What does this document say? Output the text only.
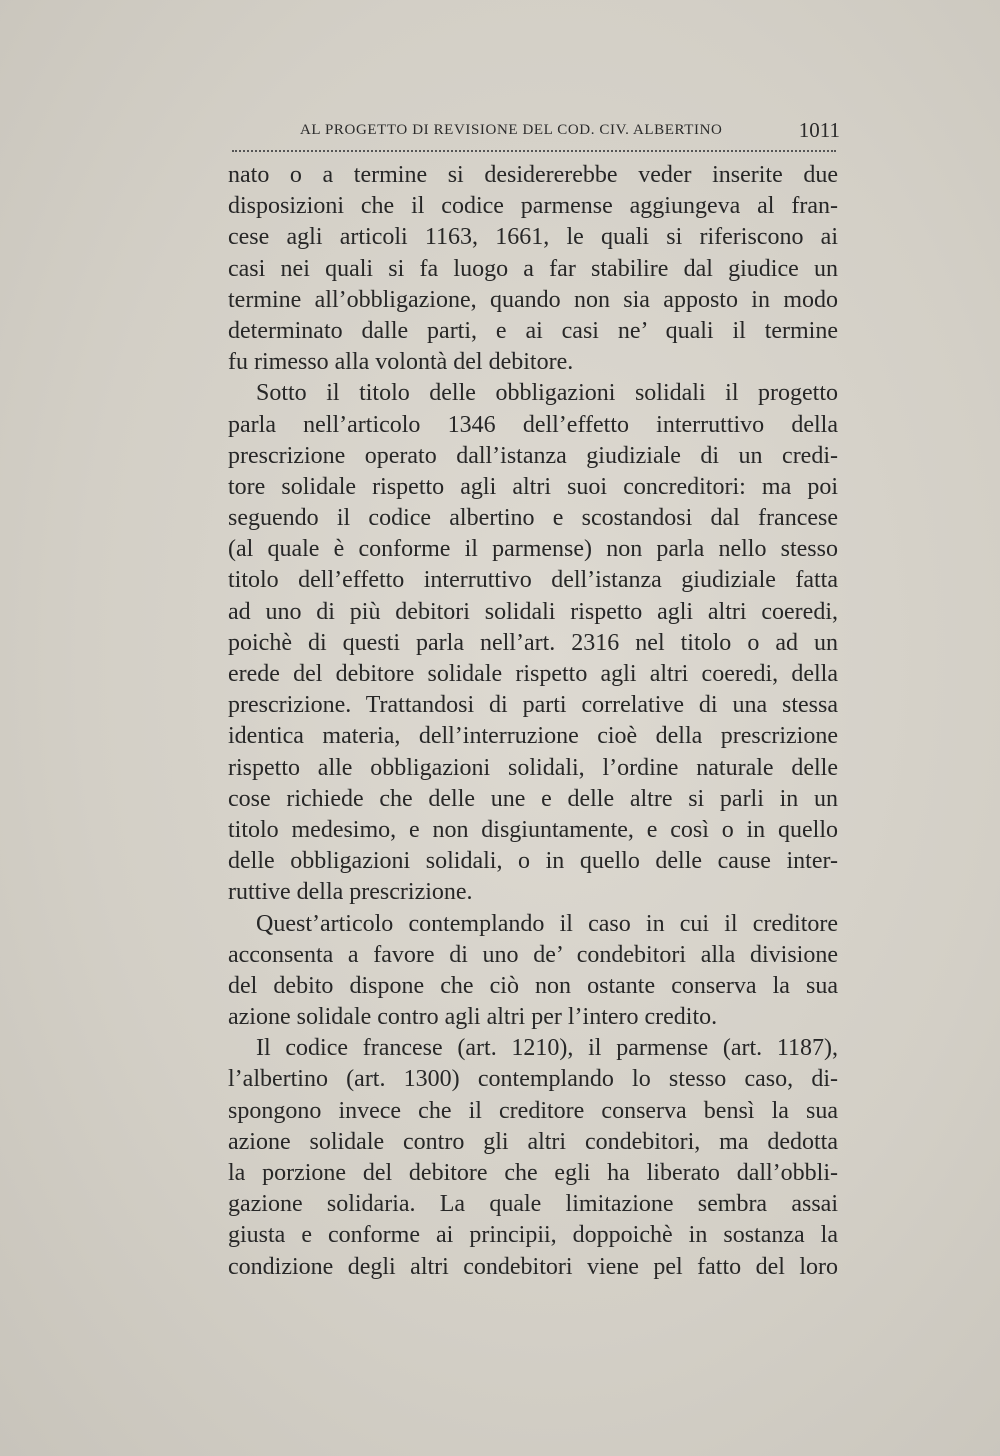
AL PROGETTO DI REVISIONE DEL COD. CIV. ALBERTINO	1011
nato o a termine si desidererebbe veder inserite due
disposizioni che il codice parmense aggiungeva al fran-
cese agli articoli 1163, 1661, le quali si riferiscono ai
casi nei quali si fa luogo a far stabilire dal giudice un
termine all’obbligazione, quando non sia apposto in modo
determinato dalle parti, e ai casi ne’ quali il termine
fu rimesso alla volontà del debitore.
Sotto il titolo delle obbligazioni solidali il progetto
parla nell’articolo 1346 dell’effetto interruttivo della
prescrizione operato dall’istanza giudiziale di un credi-
tore solidale rispetto agli altri suoi concreditori: ma poi
seguendo il codice albertino e scostandosi dal francese
(al quale è conforme il parmense) non parla nello stesso
titolo dell’effetto interruttivo dell’istanza giudiziale fatta
ad uno di più debitori solidali rispetto agli altri coeredi,
poichè di questi parla nell’art. 2316 nel titolo o ad un
erede del debitore solidale rispetto agli altri coeredi, della
prescrizione. Trattandosi di parti correlative di una stessa
identica materia, dell’interruzione cioè della prescrizione
rispetto alle obbligazioni solidali, l’ordine naturale delle
cose richiede che delle une e delle altre si parli in un
titolo medesimo, e non disgiuntamente, e così o in quello
delle obbligazioni solidali, o in quello delle cause inter-
ruttive della prescrizione.
Quest’articolo contemplando il caso in cui il creditore
acconsenta a favore di uno de’ condebitori alla divisione
del debito dispone che ciò non ostante conserva la sua
azione solidale contro agli altri per l’intero credito.
Il codice francese (art. 1210), il parmense (art. 1187),
l’albertino (art. 1300) contemplando lo stesso caso, di-
spongono invece che il creditore conserva bensì la sua
azione solidale contro gli altri condebitori, ma dedotta
la porzione del debitore che egli ha liberato dall’obbli-
gazione solidaria. La quale limitazione sembra assai
giusta e conforme ai principii, doppoichè in sostanza la
condizione degli altri condebitori viene pel fatto del loro
